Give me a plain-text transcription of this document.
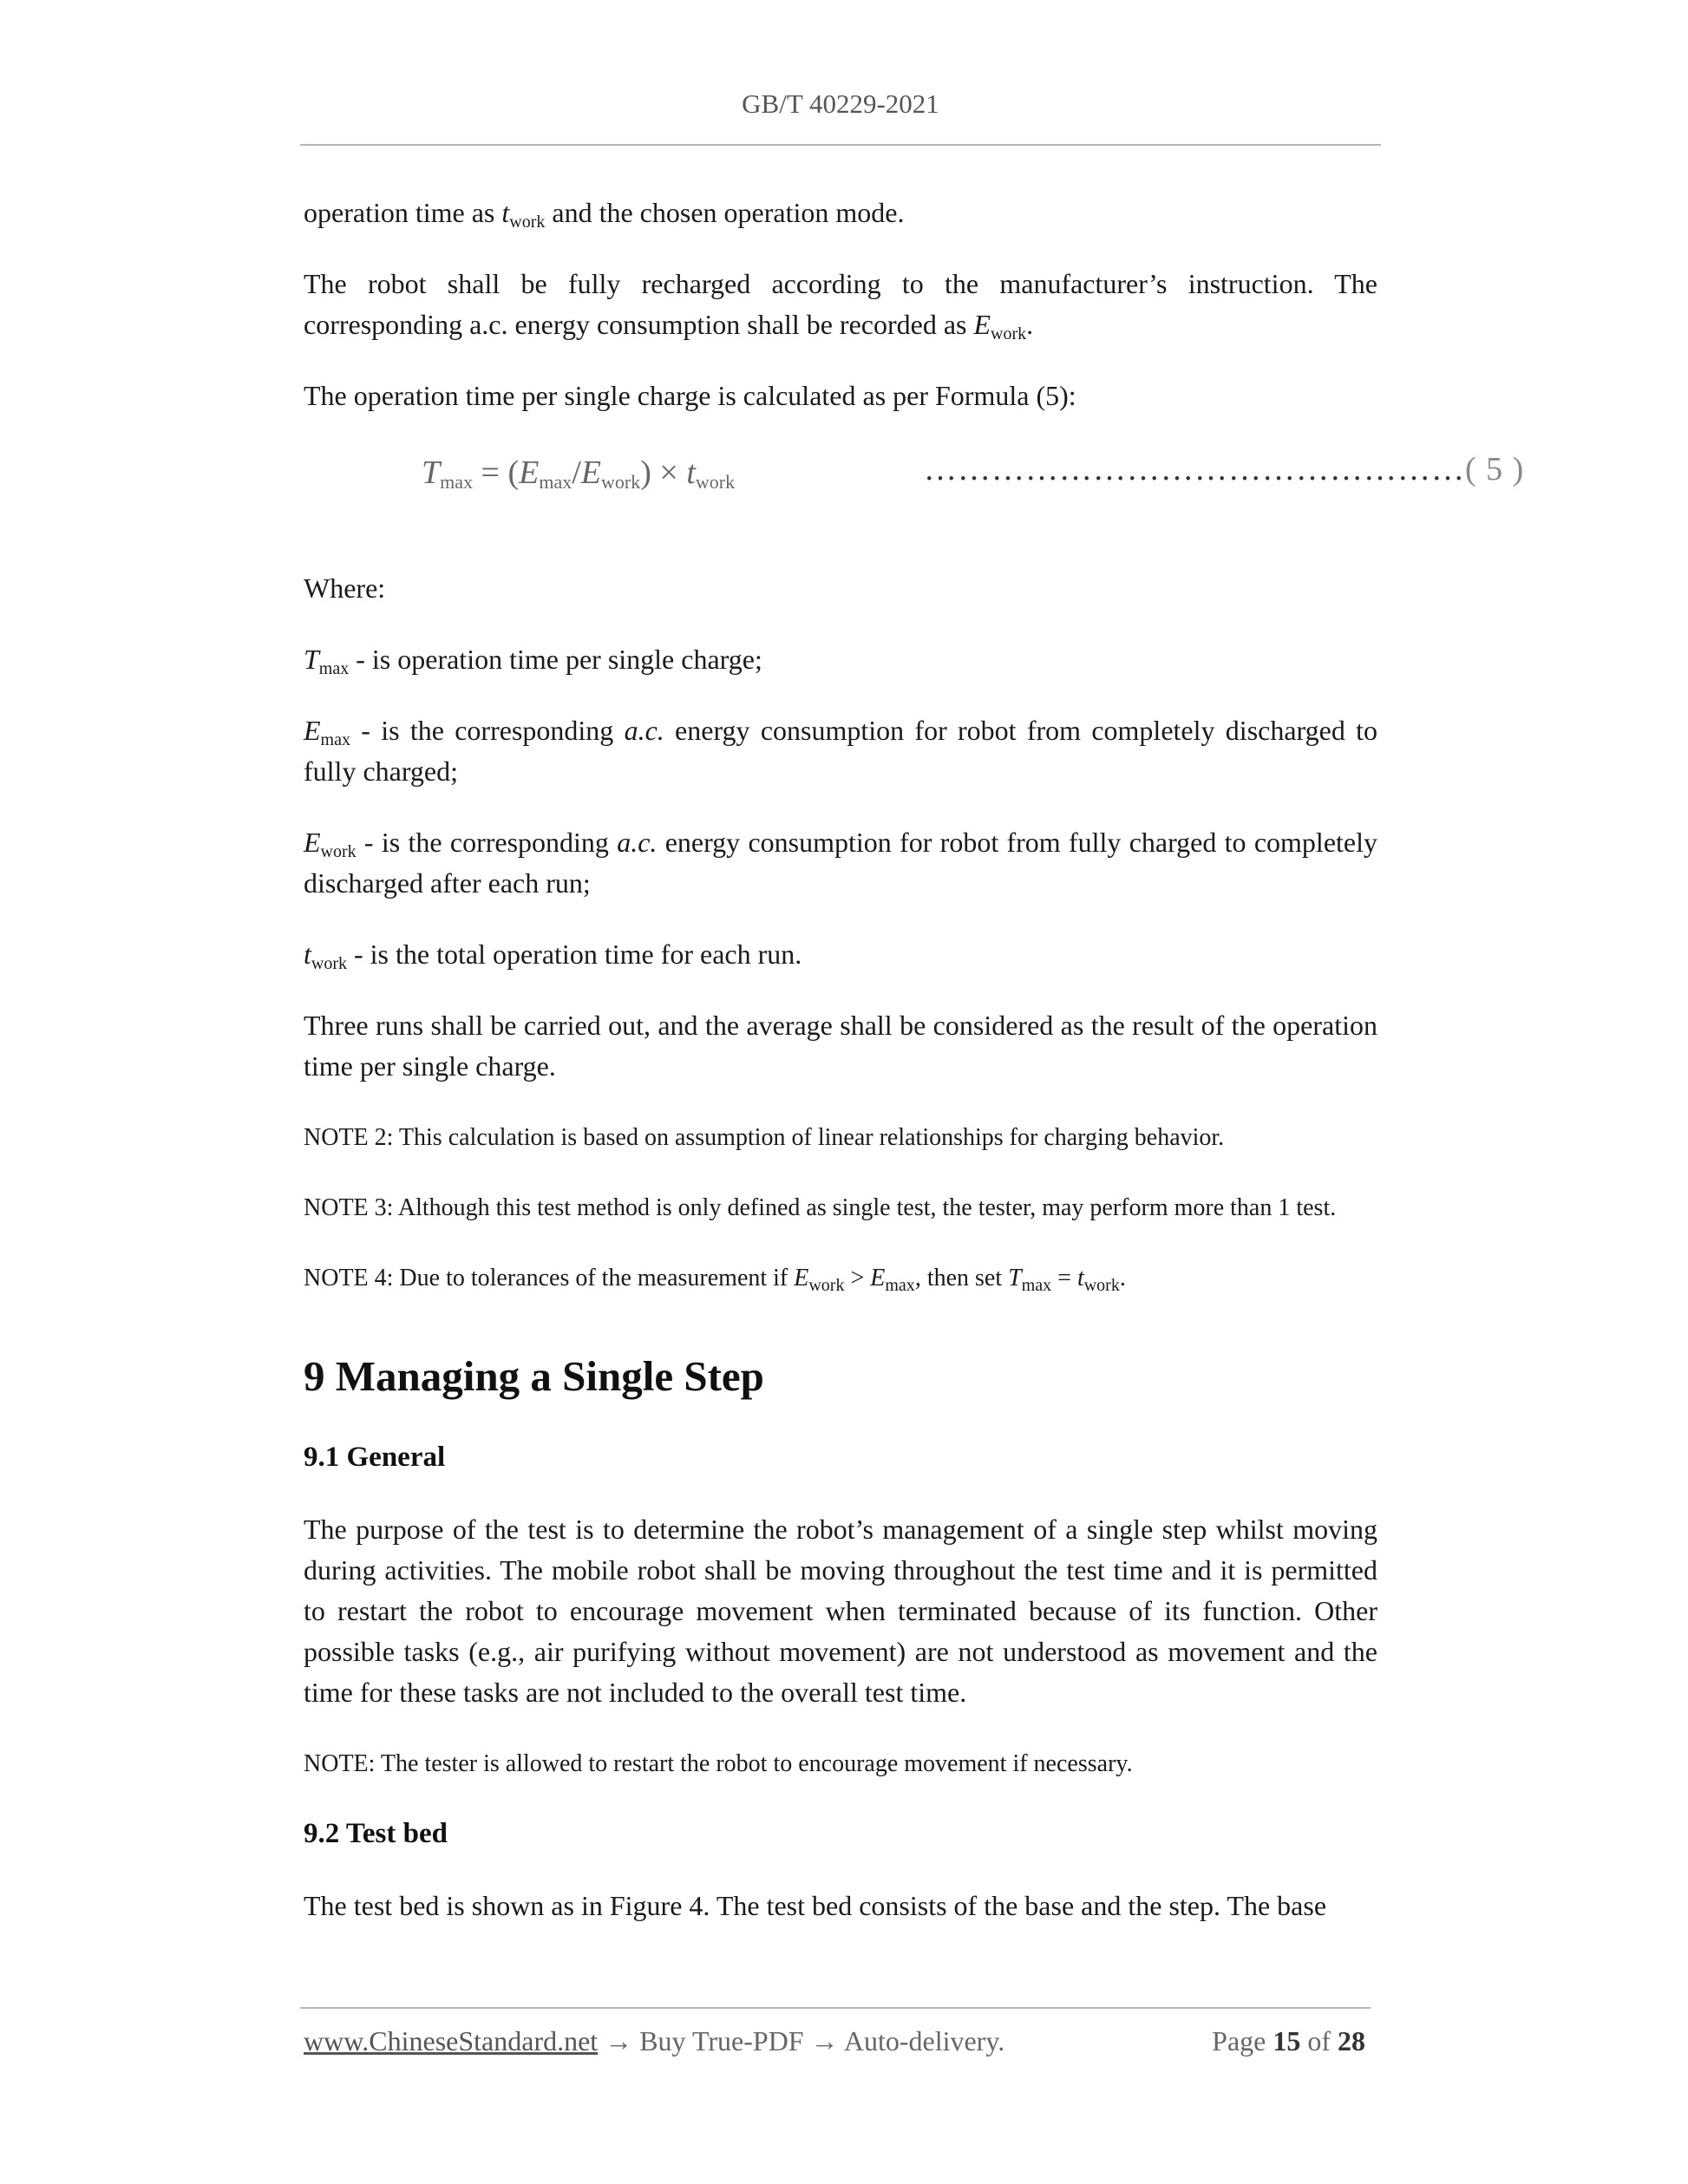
GB/T 40229-2021

operation time as $t_{work}$ and the chosen operation mode.

The robot shall be fully recharged according to the manufacturer’s instruction. The corresponding a.c. energy consumption shall be recorded as $E_{work}$.

The operation time per single charge is calculated as per Formula (5):

$T_{max} = (E_{max}/E_{work}) \times t_{work}$	…………………………………………( 5 )

Where:

$T_{max}$ - is operation time per single charge;

$E_{max}$ - is the corresponding a.c. energy consumption for robot from completely discharged to fully charged;

$E_{work}$ - is the corresponding a.c. energy consumption for robot from fully charged to completely discharged after each run;

$t_{work}$ - is the total operation time for each run.

Three runs shall be carried out, and the average shall be considered as the result of the operation time per single charge.

NOTE 2: This calculation is based on assumption of linear relationships for charging behavior.

NOTE 3: Although this test method is only defined as single test, the tester, may perform more than 1 test.

NOTE 4: Due to tolerances of the measurement if $E_{work} > E_{max}$, then set $T_{max} = t_{work}$.

9 Managing a Single Step
9.1 General

The purpose of the test is to determine the robot’s management of a single step whilst moving during activities. The mobile robot shall be moving throughout the test time and it is permitted to restart the robot to encourage movement when terminated because of its function. Other possible tasks (e.g., air purifying without movement) are not understood as movement and the time for these tasks are not included to the overall test time.

NOTE: The tester is allowed to restart the robot to encourage movement if necessary.

9.2 Test bed

The test bed is shown as in Figure 4. The test bed consists of the base and the step. The base

www.ChineseStandard.net → Buy True-PDF → Auto-delivery.	Page 15 of 28
